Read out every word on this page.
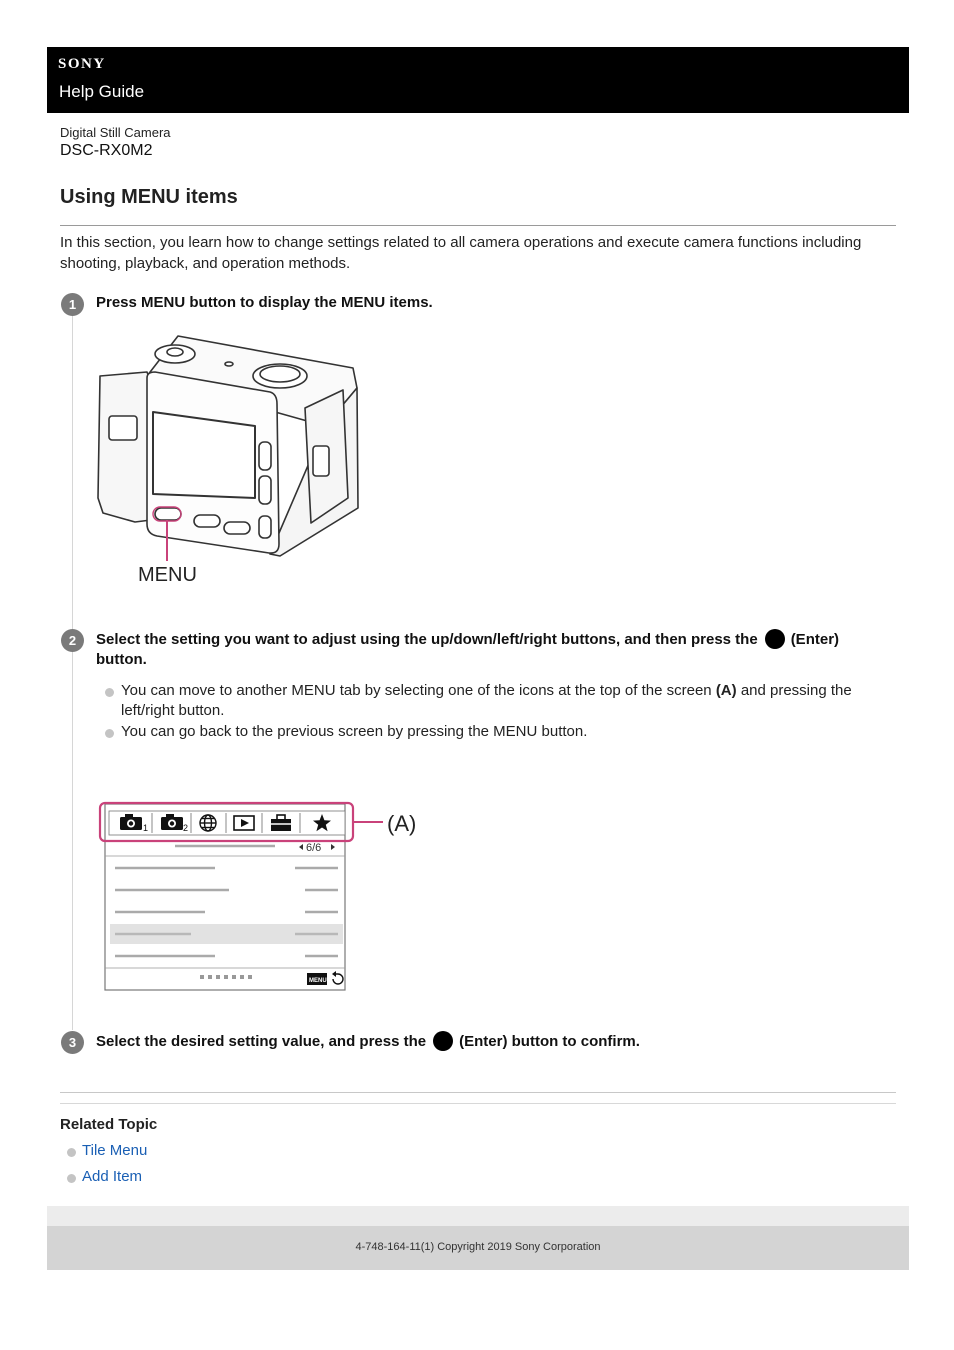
SONY
Help Guide
Digital Still Camera
DSC-RX0M2
Using MENU items
In this section, you learn how to change settings related to all camera operations and execute camera functions including shooting, playback, and operation methods.
1	Press MENU button to display the MENU items.
MENU
2	Select the setting you want to adjust using the up/down/left/right buttons, and then press the (Enter) button.
You can move to another MENU tab by selecting one of the icons at the top of the screen (A) and pressing the left/right button.
You can go back to the previous screen by pressing the MENU button.
1	2	(A)
6/6
MENU
3	Select the desired setting value, and press the (Enter) button to confirm.
Related Topic
Tile Menu
Add Item
4-748-164-11(1) Copyright 2019 Sony Corporation
